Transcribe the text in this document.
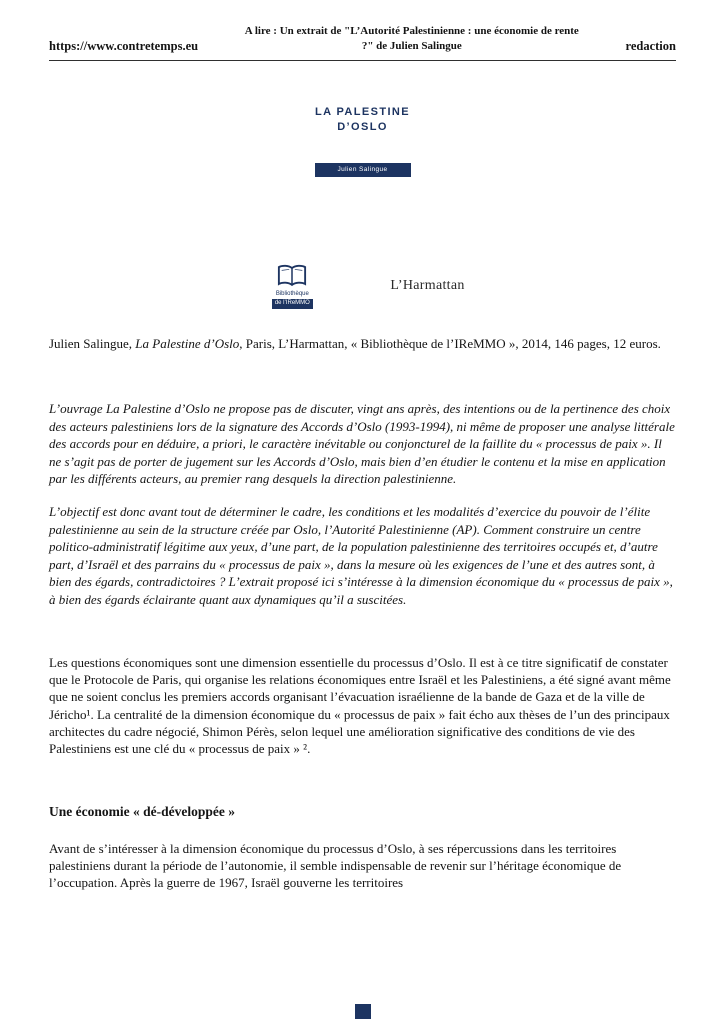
https://www.contretemps.eu
A lire : Un extrait de "L’Autorité Palestinienne : une économie de rente ?" de Julien Salingue	redaction
LA PALESTINE
D’OSLO
Julien Salingue
Bibliothèque
de l’IReMMO
L’Harmattan

Julien Salingue, La Palestine d’Oslo, Paris, L’Harmattan, « Bibliothèque de l’IReMMO », 2014, 146 pages, 12 euros.

L’ouvrage La Palestine d’Oslo ne propose pas de discuter, vingt ans après, des intentions ou de la pertinence des choix des acteurs palestiniens lors de la signature des Accords d’Oslo (1993-1994), ni même de proposer une analyse littérale des accords pour en déduire, a priori, le caractère inévitable ou conjoncturel de la faillite du « processus de paix ». Il ne s’agit pas de porter de jugement sur les Accords d’Oslo, mais bien d’en étudier le contenu et la mise en application par les différents acteurs, au premier rang desquels la direction palestinienne.

L’objectif est donc avant tout de déterminer le cadre, les conditions et les modalités d’exercice du pouvoir de l’élite palestinienne au sein de la structure créée par Oslo, l’Autorité Palestinienne (AP). Comment construire un centre politico-administratif légitime aux yeux, d’une part, de la population palestinienne des territoires occupés et, d’autre part, d’Israël et des parrains du « processus de paix », dans la mesure où les exigences de l’une et des autres sont, à bien des égards, contradictoires ? L’extrait proposé ici s’intéresse à la dimension économique du « processus de paix », à bien des égards éclairante quant aux dynamiques qu’il a suscitées.

Les questions économiques sont une dimension essentielle du processus d’Oslo. Il est à ce titre significatif de constater que le Protocole de Paris, qui organise les relations économiques entre Israël et les Palestiniens, a été signé avant même que ne soient conclus les premiers accords organisant l’évacuation israélienne de la bande de Gaza et de la ville de Jéricho¹. La centralité de la dimension économique du « processus de paix » fait écho aux thèses de l’un des principaux architectes du cadre négocié, Shimon Pérès, selon lequel une amélioration significative des conditions de vie des Palestiniens est une clé du « processus de paix » ².

Une économie « dé-développée »

Avant de s’intéresser à la dimension économique du processus d’Oslo, à ses répercussions dans les territoires palestiniens durant la période de l’autonomie, il semble indispensable de revenir sur l’héritage économique de l’occupation. Après la guerre de 1967, Israël gouverne les territoires
